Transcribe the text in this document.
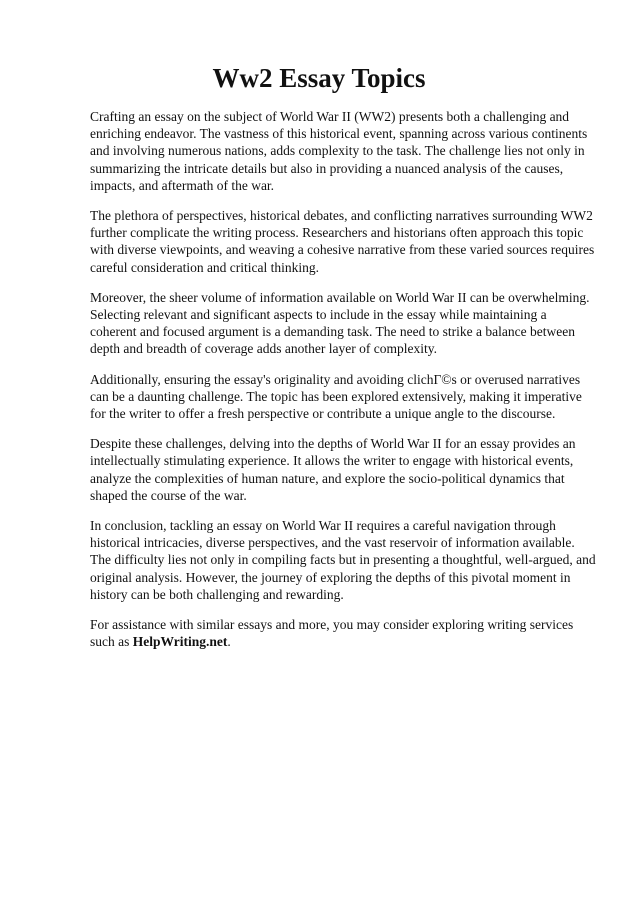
Ww2 Essay Topics

Crafting an essay on the subject of World War II (WW2) presents both a challenging and enriching endeavor. The vastness of this historical event, spanning across various continents and involving numerous nations, adds complexity to the task. The challenge lies not only in summarizing the intricate details but also in providing a nuanced analysis of the causes, impacts, and aftermath of the war.

The plethora of perspectives, historical debates, and conflicting narratives surrounding WW2 further complicate the writing process. Researchers and historians often approach this topic with diverse viewpoints, and weaving a cohesive narrative from these varied sources requires careful consideration and critical thinking.

Moreover, the sheer volume of information available on World War II can be overwhelming. Selecting relevant and significant aspects to include in the essay while maintaining a coherent and focused argument is a demanding task. The need to strike a balance between depth and breadth of coverage adds another layer of complexity.

Additionally, ensuring the essay's originality and avoiding clichГ©s or overused narratives can be a daunting challenge. The topic has been explored extensively, making it imperative for the writer to offer a fresh perspective or contribute a unique angle to the discourse.

Despite these challenges, delving into the depths of World War II for an essay provides an intellectually stimulating experience. It allows the writer to engage with historical events, analyze the complexities of human nature, and explore the socio-political dynamics that shaped the course of the war.

In conclusion, tackling an essay on World War II requires a careful navigation through historical intricacies, diverse perspectives, and the vast reservoir of information available. The difficulty lies not only in compiling facts but in presenting a thoughtful, well-argued, and original analysis. However, the journey of exploring the depths of this pivotal moment in history can be both challenging and rewarding.

For assistance with similar essays and more, you may consider exploring writing services such as HelpWriting.net.
